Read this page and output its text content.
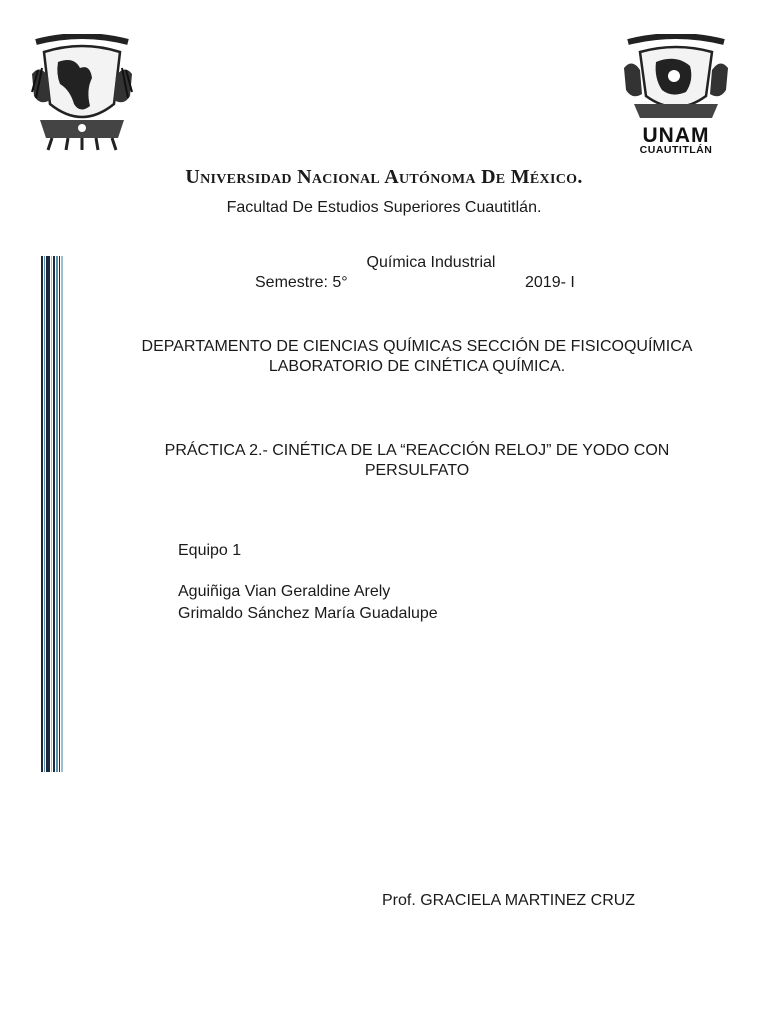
UNAM
CUAUTITLÁN
Universidad Nacional Autónoma De México.
Facultad De Estudios Superiores Cuautitlán.
Química Industrial
Semestre: 5°	2019- I
DEPARTAMENTO DE CIENCIAS QUÍMICAS SECCIÓN DE FISICOQUÍMICA
LABORATORIO DE CINÉTICA QUÍMICA.
PRÁCTICA 2.- CINÉTICA DE LA “REACCIÓN RELOJ” DE YODO CON
PERSULFATO
Equipo 1
Aguiñiga Vian Geraldine Arely
Grimaldo Sánchez María Guadalupe
Prof. GRACIELA MARTINEZ CRUZ
